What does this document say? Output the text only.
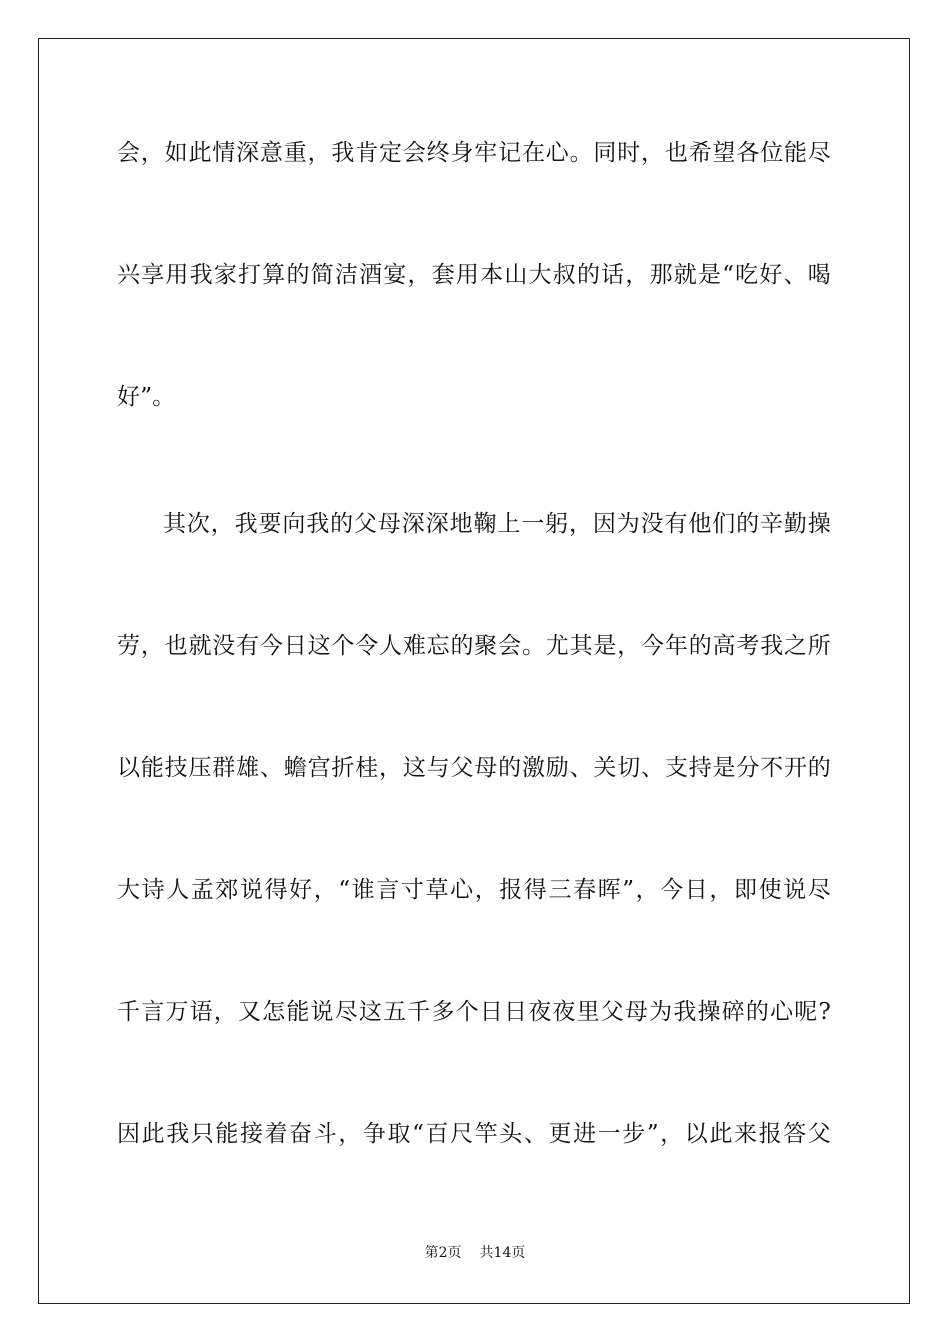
会，如此情深意重，我肯定会终身牢记在心。同时，也希望各位能尽
兴享用我家打算的简洁酒宴，套用本山大叔的话，那就是“吃好、喝
好”。
其次，我要向我的父母深深地鞠上一躬，因为没有他们的辛勤操
劳，也就没有今日这个令人难忘的聚会。尤其是，今年的高考我之所
以能技压群雄、蟾宫折桂，这与父母的激励、关切、支持是分不开的
大诗人孟郊说得好，“谁言寸草心，报得三春晖”，今日，即使说尽
千言万语，又怎能说尽这五千多个日日夜夜里父母为我操碎的心呢?
因此我只能接着奋斗，争取“百尺竿头、更进一步”，以此来报答父
第2页 共14页
